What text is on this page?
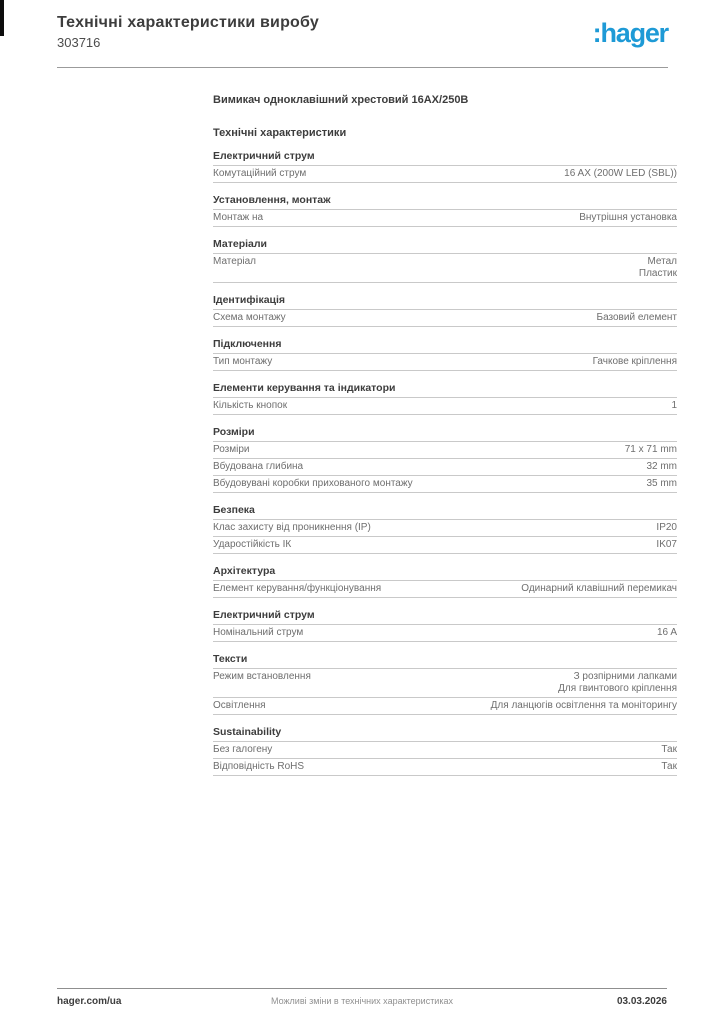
Технічні характеристики виробу
303716	:hager
Вимикач одноклавішний хрестовий 16AX/250В
Технічні характеристики
Електричний струм
Комутаційний струм	16 AX (200W LED (SBL))
Установлення, монтаж
Монтаж на	Внутрішня установка
Матеріали
Матеріал	Метал
Пластик
Ідентифікація
Схема монтажу	Базовий елемент
Підключення
Тип монтажу	Гачкове кріплення
Елементи керування та індикатори
Кількість кнопок	1
Розміри
Розміри	71 x 71 mm
Вбудована глибина	32 mm
Вбудовувані коробки прихованого монтажу	35 mm
Безпека
Клас захисту від проникнення (IP)	IP20
Ударостійкість ІК	IK07
Архітектура
Елемент керування/функціонування	Одинарний клавішний перемикач
Електричний струм
Номінальний струм	16 A
Тексти
Режим встановлення	З розпірними лапками
Для гвинтового кріплення
Освітлення	Для ланцюгів освітлення та моніторингу
Sustainability
Без галогену	Так
Відповідність RoHS	Так
hager.com/ua	Можливі зміни в технічних характеристиках	03.03.2026
